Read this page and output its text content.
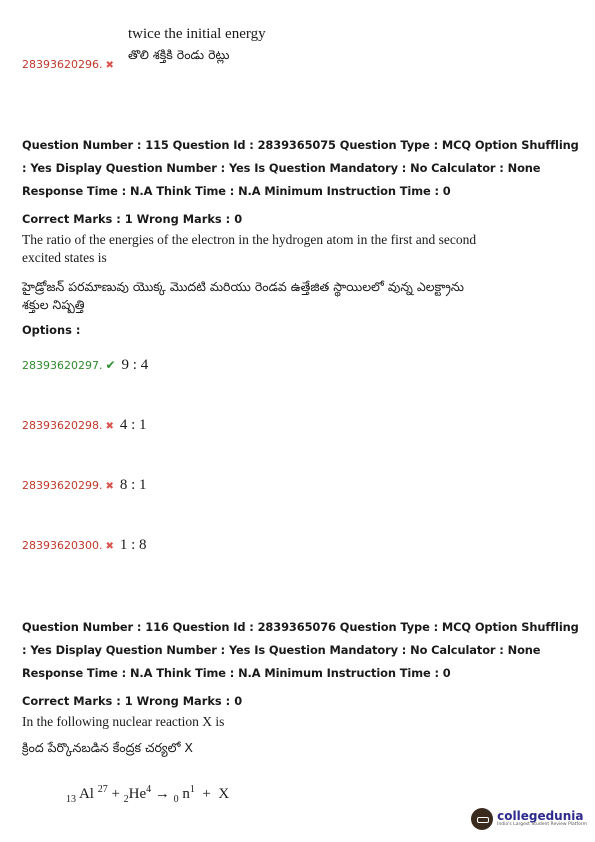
twice the initial energy
తొలి శక్తికి రెండు రెట్లు
28393620296. ✖
Question Number : 115 Question Id : 2839365075 Question Type : MCQ Option Shuffling : Yes Display Question Number : Yes Is Question Mandatory : No Calculator : None Response Time : N.A Think Time : N.A Minimum Instruction Time : 0
Correct Marks : 1 Wrong Marks : 0
The ratio of the energies of the electron in the hydrogen atom in the first and second excited states is
హైడ్రోజన్ పరమాణువు యొక్క మొదటి మరియు రెండవ ఉత్తేజిత స్థాయిలలో వున్న ఎలక్ట్రాను శక్తుల నిష్పత్తి
Options :
28393620297. ✔ 9 : 4
28393620298. ✖ 4 : 1
28393620299. ✖ 8 : 1
28393620300. ✖ 1 : 8
Question Number : 116 Question Id : 2839365076 Question Type : MCQ Option Shuffling : Yes Display Question Number : Yes Is Question Mandatory : No Calculator : None Response Time : N.A Think Time : N.A Minimum Instruction Time : 0
Correct Marks : 1 Wrong Marks : 0
In the following nuclear reaction X is
క్రింద పేర్కొనబడిన కేంద్రక చర్యలో X
$_{13}$ Al $^{27} + _2He^4 \to _0$ $n^1 + X$
collegedunia
India's Largest Student Review Platform
